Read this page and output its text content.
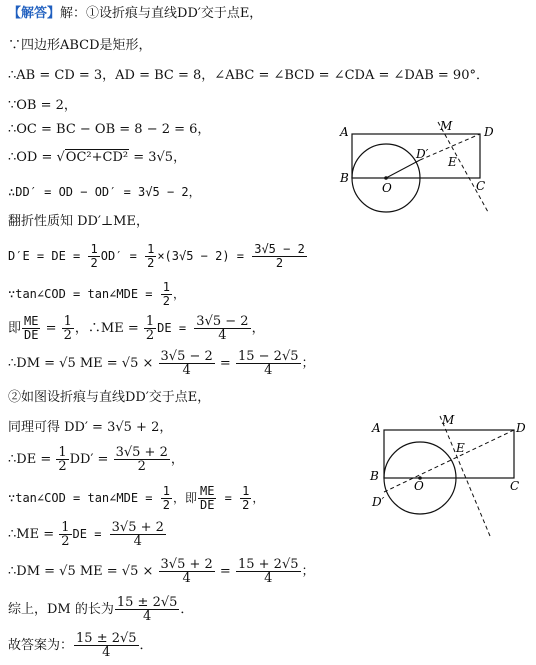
【解答】解：①设折痕与直线DD′交于点E，
∵四边形ABCD是矩形，
∴AB = CD = 3，AD = BC = 8，∠ABC = ∠BCD = ∠CDA = ∠DAB = 90°．
∵OB = 2，
∴OC = BC − OB = 8 − 2 = 6，
∴OD = √OC²+CD² = 3√5，
∴DD′ = OD − OD′ = 3√5 − 2，
翻折性质知 DD′⊥ME，
D′E = DE = $\frac{1}{2} OD' = \frac{1}{2} \times(3√5 - 2) = \frac{3√5 - 2}{2}$
∵tan∠COD = tan∠MDE = $\frac{1}{2}$ ，
即 $\frac{ME}{DE} = \frac{1}{2}$ ，∴ME = $\frac{1}{2}$ DE = $\frac{3√5 - 2}{4}$ ，
∴DM = √5 ME = $√5 \times \frac{3√5 - 2}{4} = \frac{15 - 2√5}{4}$ ；
②如图设折痕与直线DD′交于点E，
同理可得 DD′ = 3√5 + 2，
∴DE = $\frac{1}{2} DD' = \frac{3√5 + 2}{2}$ ，
∵tan∠COD = tan∠MDE = $\frac{1}{2}$ ，即 $\frac{ME}{DE} = \frac{1}{2}$ ，
∴ME = $\frac{1}{2}$ DE = $\frac{3√5 + 2}{4}$
∴DM = √5 ME = $√5 \times \frac{3√5 + 2}{4} = \frac{15 + 2√5}{4}$ ；
综上，DM 的长为 $\frac{15 \pm 2√5}{4}$ ．
故答案为： $\frac{15 \pm 2√5}{4}$ ．
A	M	D
D′
E
B
O	C
A
M
D
E
B
O	C
D′
